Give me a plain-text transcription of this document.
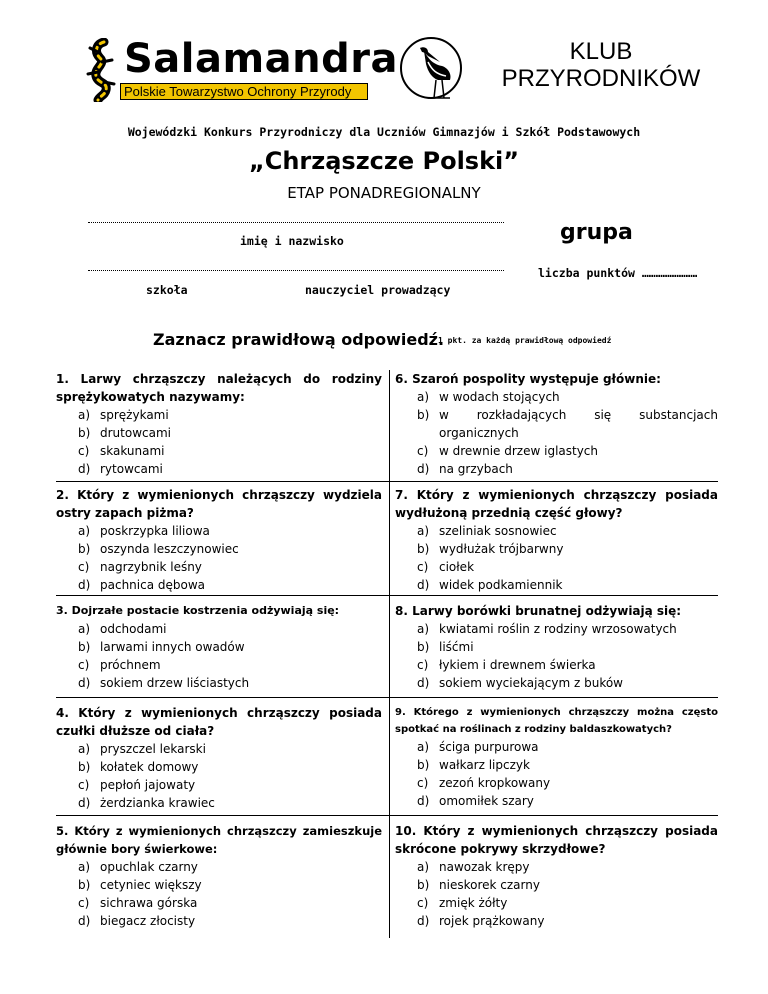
Salamandra
Polskie Towarzystwo Ochrony Przyrody
KLUB
PRZYRODNIKÓW
Wojewódzki Konkurs Przyrodniczy dla Uczniów Gimnazjów i Szkół Podstawowych
„Chrząszcze Polski”
ETAP PONADREGIONALNY
imię i nazwisko	grupa
szkoła	nauczyciel prowadzący
liczba punktów ……………………
Zaznacz prawidłową odpowiedź.
1 pkt. za każdą prawidłową odpowiedź
1. Larwy chrząszczy należących do rodziny sprężykowatych nazywamy:
a) sprężykami
b) drutowcami
c) skakunami
d) rytowcami
2. Który z wymienionych chrząszczy wydziela ostry zapach piżma?
a) poskrzypka liliowa
b) oszynda leszczynowiec
c) nagrzybnik leśny
d) pachnica dębowa
3. Dojrzałe postacie kostrzenia odżywiają się:
a) odchodami
b) larwami innych owadów
c) próchnem
d) sokiem drzew liściastych
4. Który z wymienionych chrząszczy posiada czułki dłuższe od ciała?
a) pryszczel lekarski
b) kołatek domowy
c) pepłoń jajowaty
d) żerdzianka krawiec
5. Który z wymienionych chrząszczy zamieszkuje głównie bory świerkowe:
a) opuchlak czarny
b) cetyniec większy
c) sichrawa górska
d) biegacz złocisty
6. Szaroń pospolity występuje głównie:
a) w wodach stojących
b) w rozkładających się substancjach organicznych
c) w drewnie drzew iglastych
d) na grzybach
7. Który z wymienionych chrząszczy posiada wydłużoną przednią część głowy?
a) szeliniak sosnowiec
b) wydłużak trójbarwny
c) ciołek
d) widek podkamiennik
8. Larwy borówki brunatnej odżywiają się:
a) kwiatami roślin z rodziny wrzosowatych
b) liśćmi
c) łykiem i drewnem świerka
d) sokiem wyciekającym z buków
9. Którego z wymienionych chrząszczy można często spotkać na roślinach z rodziny baldaszkowatych?
a) ściga purpurowa
b) wałkarz lipczyk
c) zezoń kropkowany
d) omomiłek szary
10. Który z wymienionych chrząszczy posiada skrócone pokrywy skrzydłowe?
a) nawozak krępy
b) nieskorek czarny
c) zmięk żółty
d) rojek prążkowany
